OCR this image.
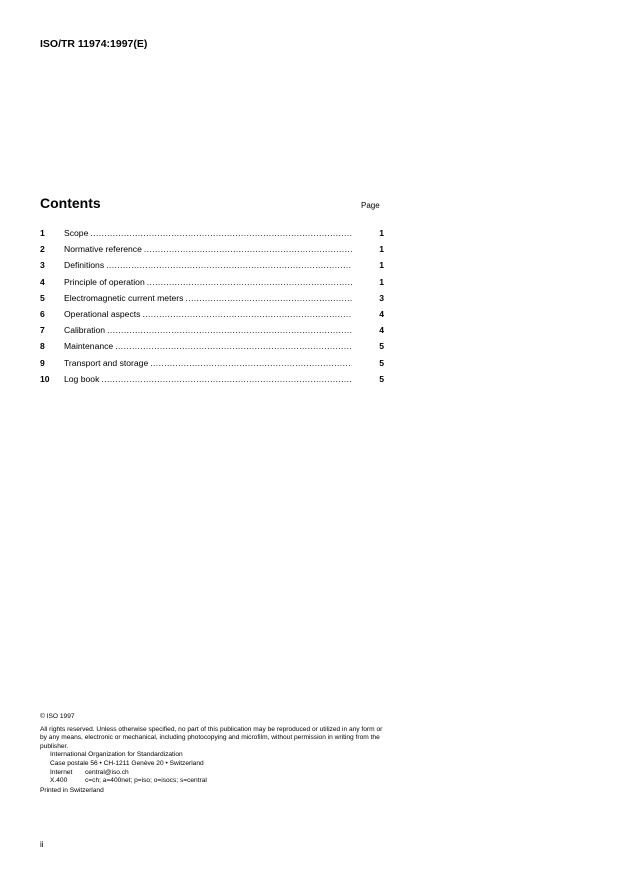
ISO/TR 11974:1997(E)
Contents	Page
1	Scope .....	1
2	Normative reference .....	1
3	Definitions .....	1
4	Principle of operation .....	1
5	Electromagnetic current meters .....	3
6	Operational aspects .....	4
7	Calibration .....	4
8	Maintenance .....	5
9	Transport and storage .....	5
10	Log book .....	5
© ISO 1997
All rights reserved. Unless otherwise specified, no part of this publication may be reproduced or utilized in any form or by any means, electronic or mechanical, including photocopying and microfilm, without permission in writing from the publisher.
International Organization for Standardization
Case postale 56 • CH-1211 Genève 20 • Switzerland
Internet	central@iso.ch
X.400	c=ch; a=400net; p=iso; o=isocs; s=central
Printed in Switzerland
ii
